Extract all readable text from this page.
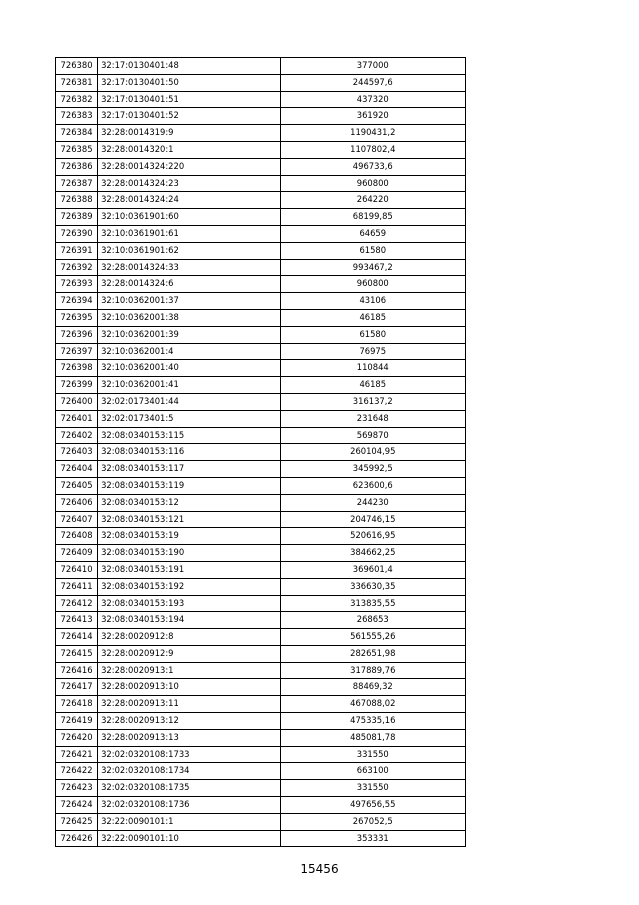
726380	32:17:0130401:48	377000
726381	32:17:0130401:50	244597,6
726382	32:17:0130401:51	437320
726383	32:17:0130401:52	361920
726384	32:28:0014319:9	1190431,2
726385	32:28:0014320:1	1107802,4
726386	32:28:0014324:220	496733,6
726387	32:28:0014324:23	960800
726388	32:28:0014324:24	264220
726389	32:10:0361901:60	68199,85
726390	32:10:0361901:61	64659
726391	32:10:0361901:62	61580
726392	32:28:0014324:33	993467,2
726393	32:28:0014324:6	960800
726394	32:10:0362001:37	43106
726395	32:10:0362001:38	46185
726396	32:10:0362001:39	61580
726397	32:10:0362001:4	76975
726398	32:10:0362001:40	110844
726399	32:10:0362001:41	46185
726400	32:02:0173401:44	316137,2
726401	32:02:0173401:5	231648
726402	32:08:0340153:115	569870
726403	32:08:0340153:116	260104,95
726404	32:08:0340153:117	345992,5
726405	32:08:0340153:119	623600,6
726406	32:08:0340153:12	244230
726407	32:08:0340153:121	204746,15
726408	32:08:0340153:19	520616,95
726409	32:08:0340153:190	384662,25
726410	32:08:0340153:191	369601,4
726411	32:08:0340153:192	336630,35
726412	32:08:0340153:193	313835,55
726413	32:08:0340153:194	268653
726414	32:28:0020912:8	561555,26
726415	32:28:0020912:9	282651,98
726416	32:28:0020913:1	317889,76
726417	32:28:0020913:10	88469,32
726418	32:28:0020913:11	467088,02
726419	32:28:0020913:12	475335,16
726420	32:28:0020913:13	485081,78
726421	32:02:0320108:1733	331550
726422	32:02:0320108:1734	663100
726423	32:02:0320108:1735	331550
726424	32:02:0320108:1736	497656,55
726425	32:22:0090101:1	267052,5
726426	32:22:0090101:10	353331
15456
